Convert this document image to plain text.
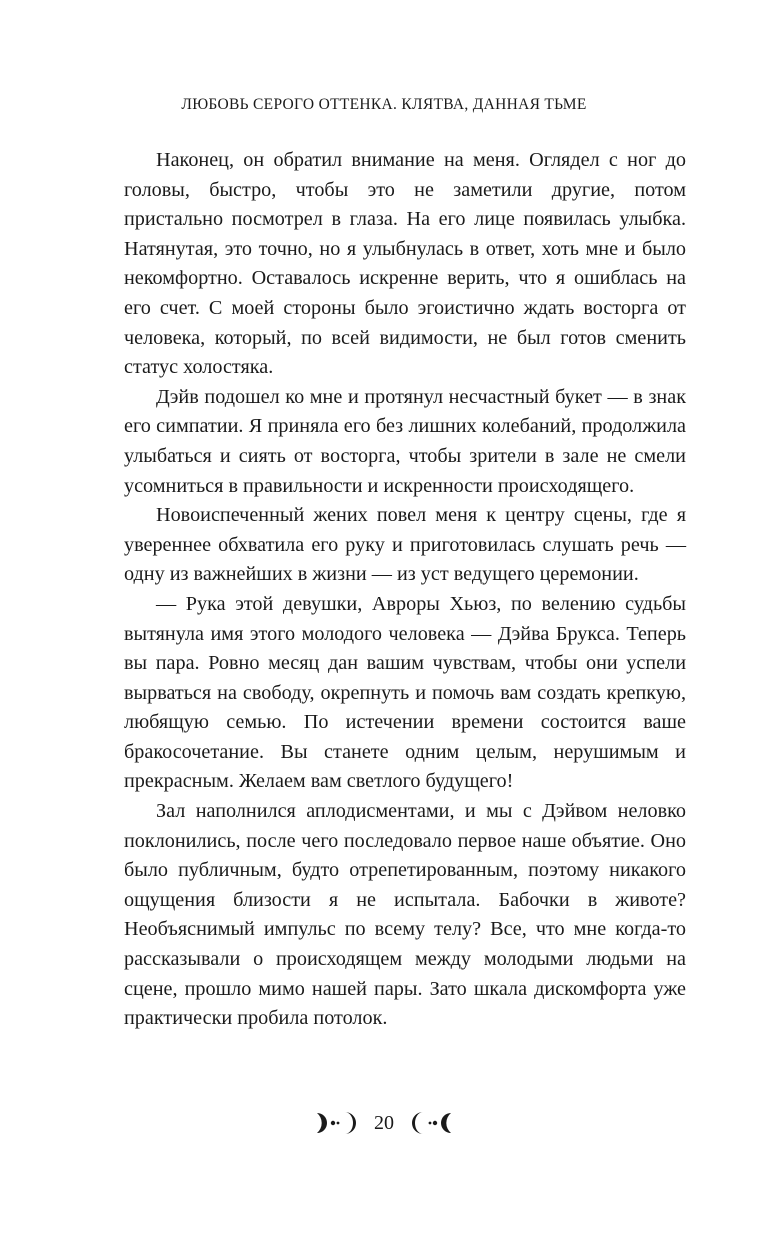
ЛЮБОВЬ СЕРОГО ОТТЕНКА. КЛЯТВА, ДАННАЯ ТЬМЕ

Наконец, он обратил внимание на меня. Оглядел с ног до головы, быстро, чтобы это не заметили другие, потом пристально посмотрел в глаза. На его лице появилась улыбка. Натянутая, это точно, но я улыбнулась в ответ, хоть мне и было некомфортно. Оставалось искренне верить, что я ошиблась на его счет. С моей стороны было эгоистично ждать восторга от человека, который, по всей видимости, не был готов сменить статус холостяка.

Дэйв подошел ко мне и протянул несчастный букет — в знак его симпатии. Я приняла его без лишних колебаний, продолжила улыбаться и сиять от восторга, чтобы зрители в зале не смели усомниться в правильности и искренности происходящего.

Новоиспеченный жених повел меня к центру сцены, где я увереннее обхватила его руку и приготовилась слушать речь — одну из важнейших в жизни — из уст ведущего церемонии.

— Рука этой девушки, Авроры Хьюз, по велению судьбы вытянула имя этого молодого человека — Дэйва Брукса. Теперь вы пара. Ровно месяц дан вашим чувствам, чтобы они успели вырваться на свободу, окрепнуть и помочь вам создать крепкую, любящую семью. По истечении времени состоится ваше бракосочетание. Вы станете одним целым, нерушимым и прекрасным. Желаем вам светлого будущего!

Зал наполнился аплодисментами, и мы с Дэйвом неловко поклонились, после чего последовало первое наше объятие. Оно было публичным, будто отрепетированным, поэтому никакого ощущения близости я не испытала. Бабочки в животе? Необъяснимый импульс по всему телу? Все, что мне когда-то рассказывали о происходящем между молодыми людьми на сцене, прошло мимо нашей пары. Зато шкала дискомфорта уже практически пробила потолок.

20
